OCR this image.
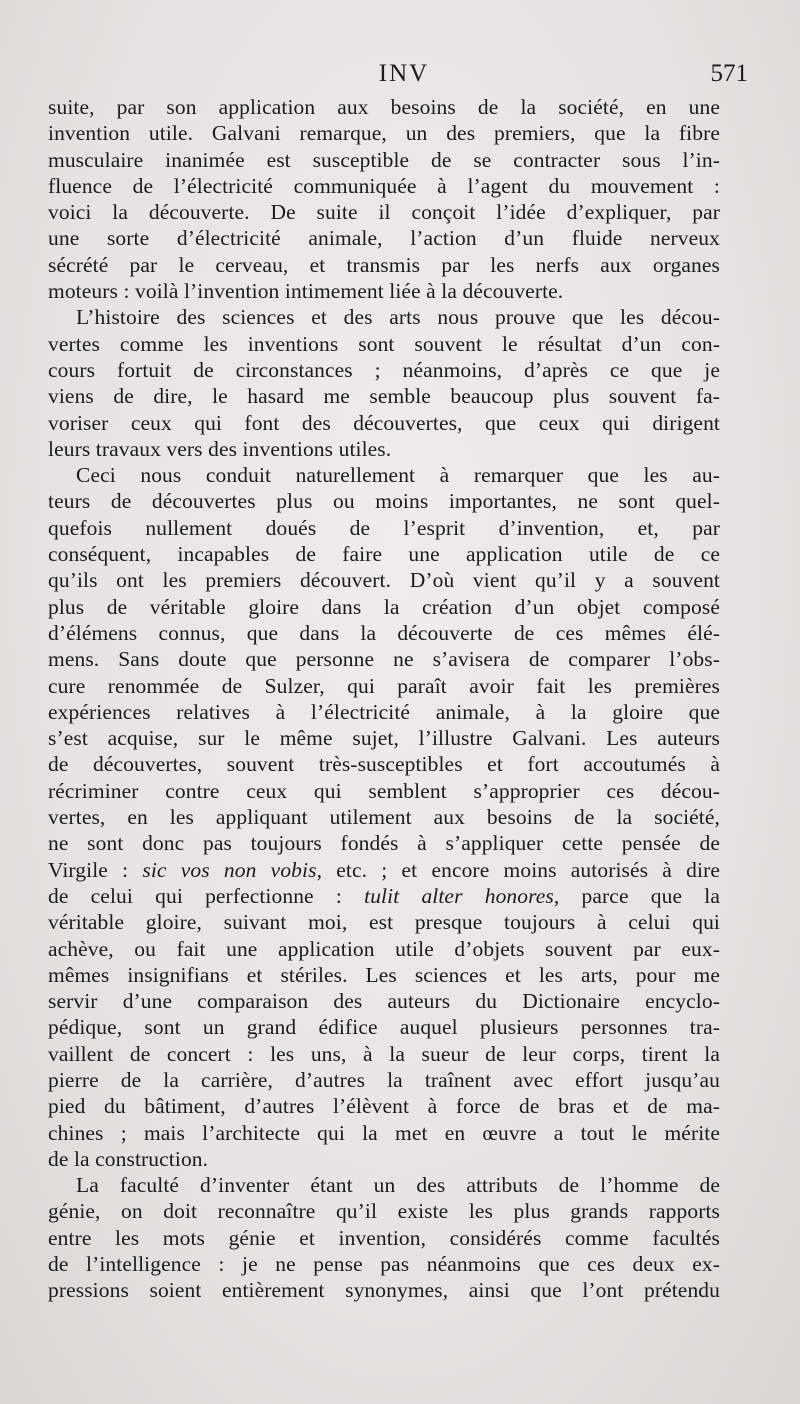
INV	571
suite, par son application aux besoins de la société, en une
invention utile. Galvani remarque, un des premiers, que la fibre
musculaire inanimée est susceptible de se contracter sous l’in-
fluence de l’électricité communiquée à l’agent du mouvement :
voici la découverte. De suite il conçoit l’idée d’expliquer, par
une sorte d’électricité animale, l’action d’un fluide nerveux
sécrété par le cerveau, et transmis par les nerfs aux organes
moteurs : voilà l’invention intimement liée à la découverte.
L’histoire des sciences et des arts nous prouve que les décou-
vertes comme les inventions sont souvent le résultat d’un con-
cours fortuit de circonstances ; néanmoins, d’après ce que je
viens de dire, le hasard me semble beaucoup plus souvent fa-
voriser ceux qui font des découvertes, que ceux qui dirigent
leurs travaux vers des inventions utiles.
Ceci nous conduit naturellement à remarquer que les au-
teurs de découvertes plus ou moins importantes, ne sont quel-
quefois nullement doués de l’esprit d’invention, et, par
conséquent, incapables de faire une application utile de ce
qu’ils ont les premiers découvert. D’où vient qu’il y a souvent
plus de véritable gloire dans la création d’un objet composé
d’élémens connus, que dans la découverte de ces mêmes élé-
mens. Sans doute que personne ne s’avisera de comparer l’obs-
cure renommée de Sulzer, qui paraît avoir fait les premières
expériences relatives à l’électricité animale, à la gloire que
s’est acquise, sur le même sujet, l’illustre Galvani. Les auteurs
de découvertes, souvent très-susceptibles et fort accoutumés à
récriminer contre ceux qui semblent s’approprier ces décou-
vertes, en les appliquant utilement aux besoins de la société,
ne sont donc pas toujours fondés à s’appliquer cette pensée de
Virgile : sic vos non vobis, etc. ; et encore moins autorisés à dire
de celui qui perfectionne : tulit alter honores, parce que la
véritable gloire, suivant moi, est presque toujours à celui qui
achève, ou fait une application utile d’objets souvent par eux-
mêmes insignifians et stériles. Les sciences et les arts, pour me
servir d’une comparaison des auteurs du Dictionaire encyclo-
pédique, sont un grand édifice auquel plusieurs personnes tra-
vaillent de concert : les uns, à la sueur de leur corps, tirent la
pierre de la carrière, d’autres la traînent avec effort jusqu’au
pied du bâtiment, d’autres l’élèvent à force de bras et de ma-
chines ; mais l’architecte qui la met en œuvre a tout le mérite
de la construction.
La faculté d’inventer étant un des attributs de l’homme de
génie, on doit reconnaître qu’il existe les plus grands rapports
entre les mots génie et invention, considérés comme facultés
de l’intelligence : je ne pense pas néanmoins que ces deux ex-
pressions soient entièrement synonymes, ainsi que l’ont prétendu
